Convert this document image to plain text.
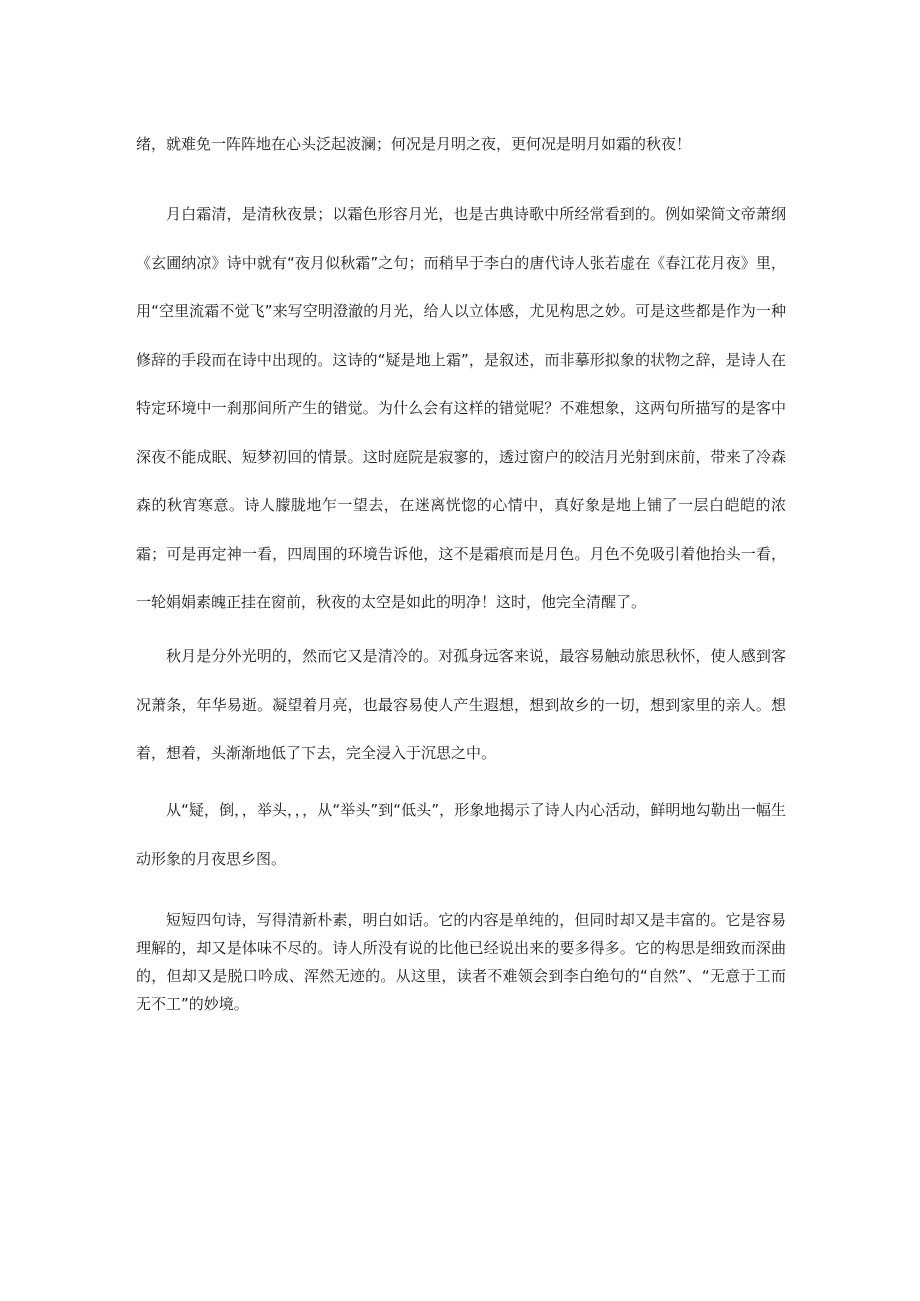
绪，就难免一阵阵地在心头泛起波澜；何况是月明之夜，更何况是明月如霜的秋夜！

月白霜清，是清秋夜景；以霜色形容月光，也是古典诗歌中所经常看到的。例如梁简文帝萧纲《玄圃纳凉》诗中就有“夜月似秋霜”之句；而稍早于李白的唐代诗人张若虚在《春江花月夜》里，用“空里流霜不觉飞”来写空明澄澈的月光，给人以立体感，尤见构思之妙。可是这些都是作为一种修辞的手段而在诗中出现的。这诗的“疑是地上霜”，是叙述，而非摹形拟象的状物之辞，是诗人在特定环境中一刹那间所产生的错觉。为什么会有这样的错觉呢？不难想象，这两句所描写的是客中深夜不能成眠、短梦初回的情景。这时庭院是寂寥的，透过窗户的皎洁月光射到床前，带来了冷森森的秋宵寒意。诗人朦胧地乍一望去，在迷离恍惚的心情中，真好象是地上铺了一层白皑皑的浓霜；可是再定神一看，四周围的环境告诉他，这不是霜痕而是月色。月色不免吸引着他抬头一看，一轮娟娟素魄正挂在窗前，秋夜的太空是如此的明净！这时，他完全清醒了。

秋月是分外光明的，然而它又是清冷的。对孤身远客来说，最容易触动旅思秋怀，使人感到客况萧条，年华易逝。凝望着月亮，也最容易使人产生遐想，想到故乡的一切，想到家里的亲人。想着，想着，头渐渐地低了下去，完全浸入于沉思之中。

从“疑，倒，，举头，，，从“举头”到“低头”，形象地揭示了诗人内心活动，鲜明地勾勒出一幅生动形象的月夜思乡图。

短短四句诗，写得清新朴素，明白如话。它的内容是单纯的，但同时却又是丰富的。它是容易理解的，却又是体味不尽的。诗人所没有说的比他已经说出来的要多得多。它的构思是细致而深曲的，但却又是脱口吟成、浑然无迹的。从这里，读者不难领会到李白绝句的“自然”、“无意于工而无不工”的妙境。
